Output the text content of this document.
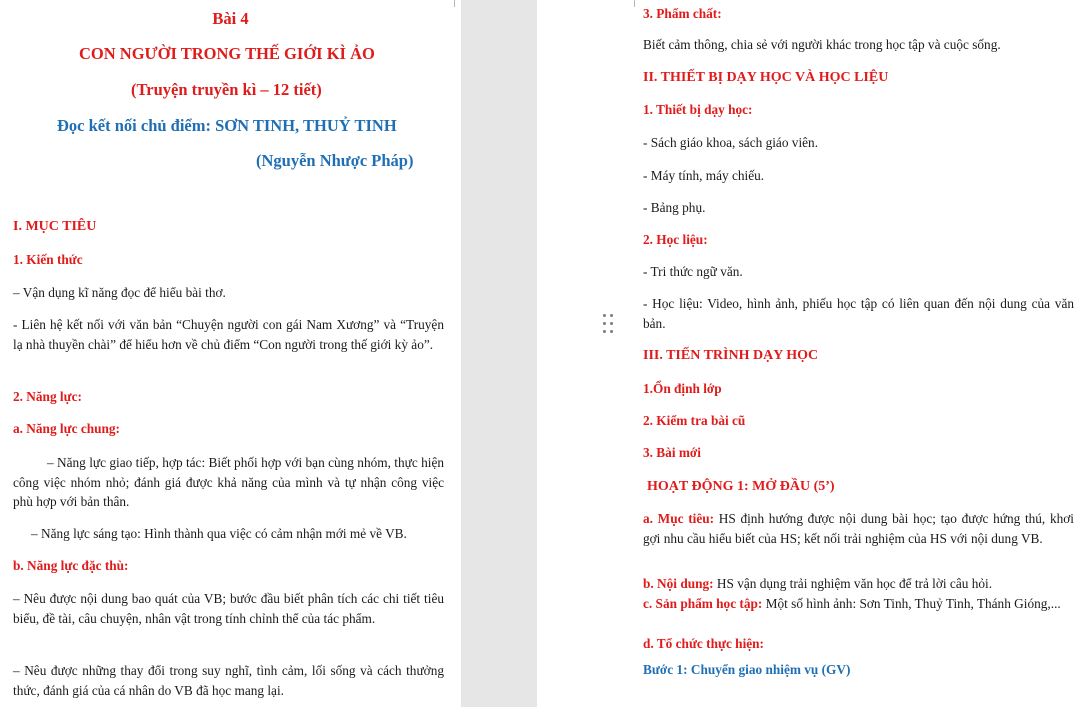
Bài 4

CON NGƯỜI TRONG THẾ GIỚI KÌ ẢO

(Truyện truyền kì – 12 tiết)

Đọc kết nối chủ điểm: SƠN TINH, THUỶ TINH

(Nguyễn Nhược Pháp)

I. MỤC TIÊU

1. Kiến thức

– Vận dụng kĩ năng đọc để hiểu bài thơ.

- Liên hệ kết nối với văn bản “Chuyện người con gái Nam Xương” và “Truyện lạ nhà thuyền chài” để hiểu hơn về chủ điểm “Con người trong thế giới kỳ ảo”.

2. Năng lực:

a. Năng lực chung:

– Năng lực giao tiếp, hợp tác: Biết phối hợp với bạn cùng nhóm, thực hiện công việc nhóm nhỏ; đánh giá được khả năng của mình và tự nhận công việc phù hợp với bản thân.

– Năng lực sáng tạo: Hình thành qua việc có cảm nhận mới mẻ về VB.

b. Năng lực đặc thù:

– Nêu được nội dung bao quát của VB; bước đầu biết phân tích các chi tiết tiêu biểu, đề tài, câu chuyện, nhân vật trong tính chỉnh thể của tác phẩm.

– Nêu được những thay đổi trong suy nghĩ, tình cảm, lối sống và cách thưởng thức, đánh giá của cá nhân do VB đã học mang lại.

3. Phẩm chất:

Biết cảm thông, chia sẻ với người khác trong học tập và cuộc sống.

II. THIẾT BỊ DẠY HỌC VÀ HỌC LIỆU

1. Thiết bị dạy học:

- Sách giáo khoa, sách giáo viên.

- Máy tính, máy chiếu.

- Bảng phụ.

2. Học liệu:

- Tri thức ngữ văn.

- Học liệu: Video, hình ảnh, phiếu học tập có liên quan đến nội dung của văn bản.

III. TIẾN TRÌNH DẠY HỌC

1.Ổn định lớp

2. Kiểm tra bài cũ

3. Bài mới

HOẠT ĐỘNG 1: MỞ ĐẦU (5’)

a. Mục tiêu: HS định hướng được nội dung bài học; tạo được hứng thú, khơi gợi nhu cầu hiểu biết của HS; kết nối trải nghiệm của HS với nội dung VB.

b. Nội dung: HS vận dụng trải nghiệm văn học để trả lời câu hỏi.

c. Sản phẩm học tập: Một số hình ảnh: Sơn Tinh, Thuỷ Tinh, Thánh Gióng,...

d. Tổ chức thực hiện:

Bước 1: Chuyển giao nhiệm vụ (GV)
